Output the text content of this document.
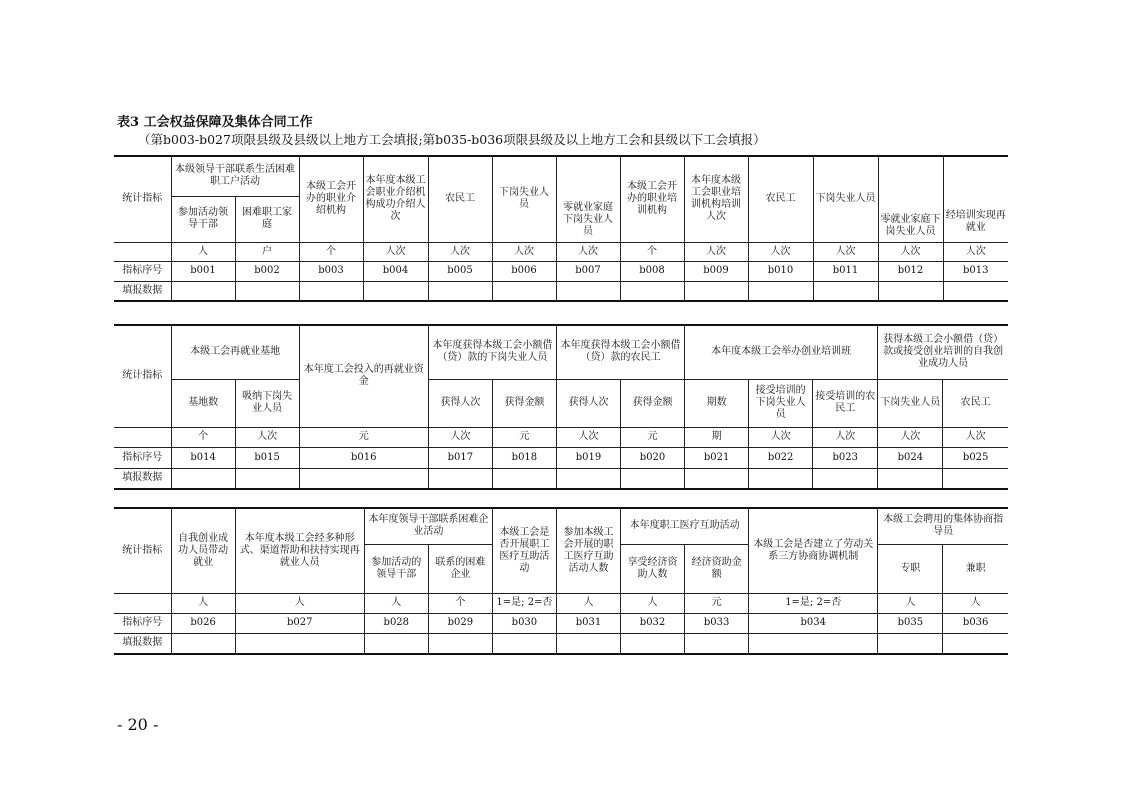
表3 工会权益保障及集体合同工作
（第b003-b027项限县级及县级以上地方工会填报;第b035-b036项限县级及以上地方工会和县级以下工会填报）
统计指标	本级领导干部联系生活困难职工户活动		本级工会开办的职业介绍机构	本年度本级工会职业介绍机构成功介绍人次	农民工	下岗失业人员	零就业家庭下岗失业人员	本级工会开办的职业培训机构	本年度本级工会职业培训机构培训人次	农民工	下岗失业人员	零就业家庭下岗失业人员	经培训实现再就业
	参加活动领导干部	困难职工家庭											
	人	户	个	人次	人次	人次	人次	个	人次	人次	人次	人次	人次
指标序号	b001	b002	b003	b004	b005	b006	b007	b008	b009	b010	b011	b012	b013
填报数据													
统计指标	本级工会再就业基地		本年度工会投入的再就业资金	本年度获得本级工会小额借（贷）款的下岗失业人员		本年度获得本级工会小额借（贷）款的农民工		本年度本级工会举办创业培训班			获得本级工会小额借（贷）款或接受创业培训的自我创业成功人员	
	基地数	吸纳下岗失业人员		获得人次	获得金额	获得人次	获得金额	期数	接受培训的下岗失业人员	接受培训的农民工	下岗失业人员	农民工
	个	人次	元	人次	元	人次	元	期	人次	人次	人次	人次
指标序号	b014	b015	b016	b017	b018	b019	b020	b021	b022	b023	b024	b025
填报数据												
统计指标	自我创业成功人员带动就业	本年度本级工会经多种形式、渠道帮助和扶持实现再就业人员	本年度领导干部联系困难企业活动		本级工会是否开展职工医疗互助活动	参加本级工会开展的职工医疗互助活动人数	本年度职工医疗互助活动		本级工会是否建立了劳动关系三方协商协调机制	本级工会聘用的集体协商指导员	
			参加活动的领导干部	联系的困难企业			享受经济资助人数	经济资助金额		专职	兼职
	人	人	人	个	1=是; 2=否	人	人	元	1=是; 2=否	人	人
指标序号	b026	b027	b028	b029	b030	b031	b032	b033	b034	b035	b036
填报数据											
- 20 -
